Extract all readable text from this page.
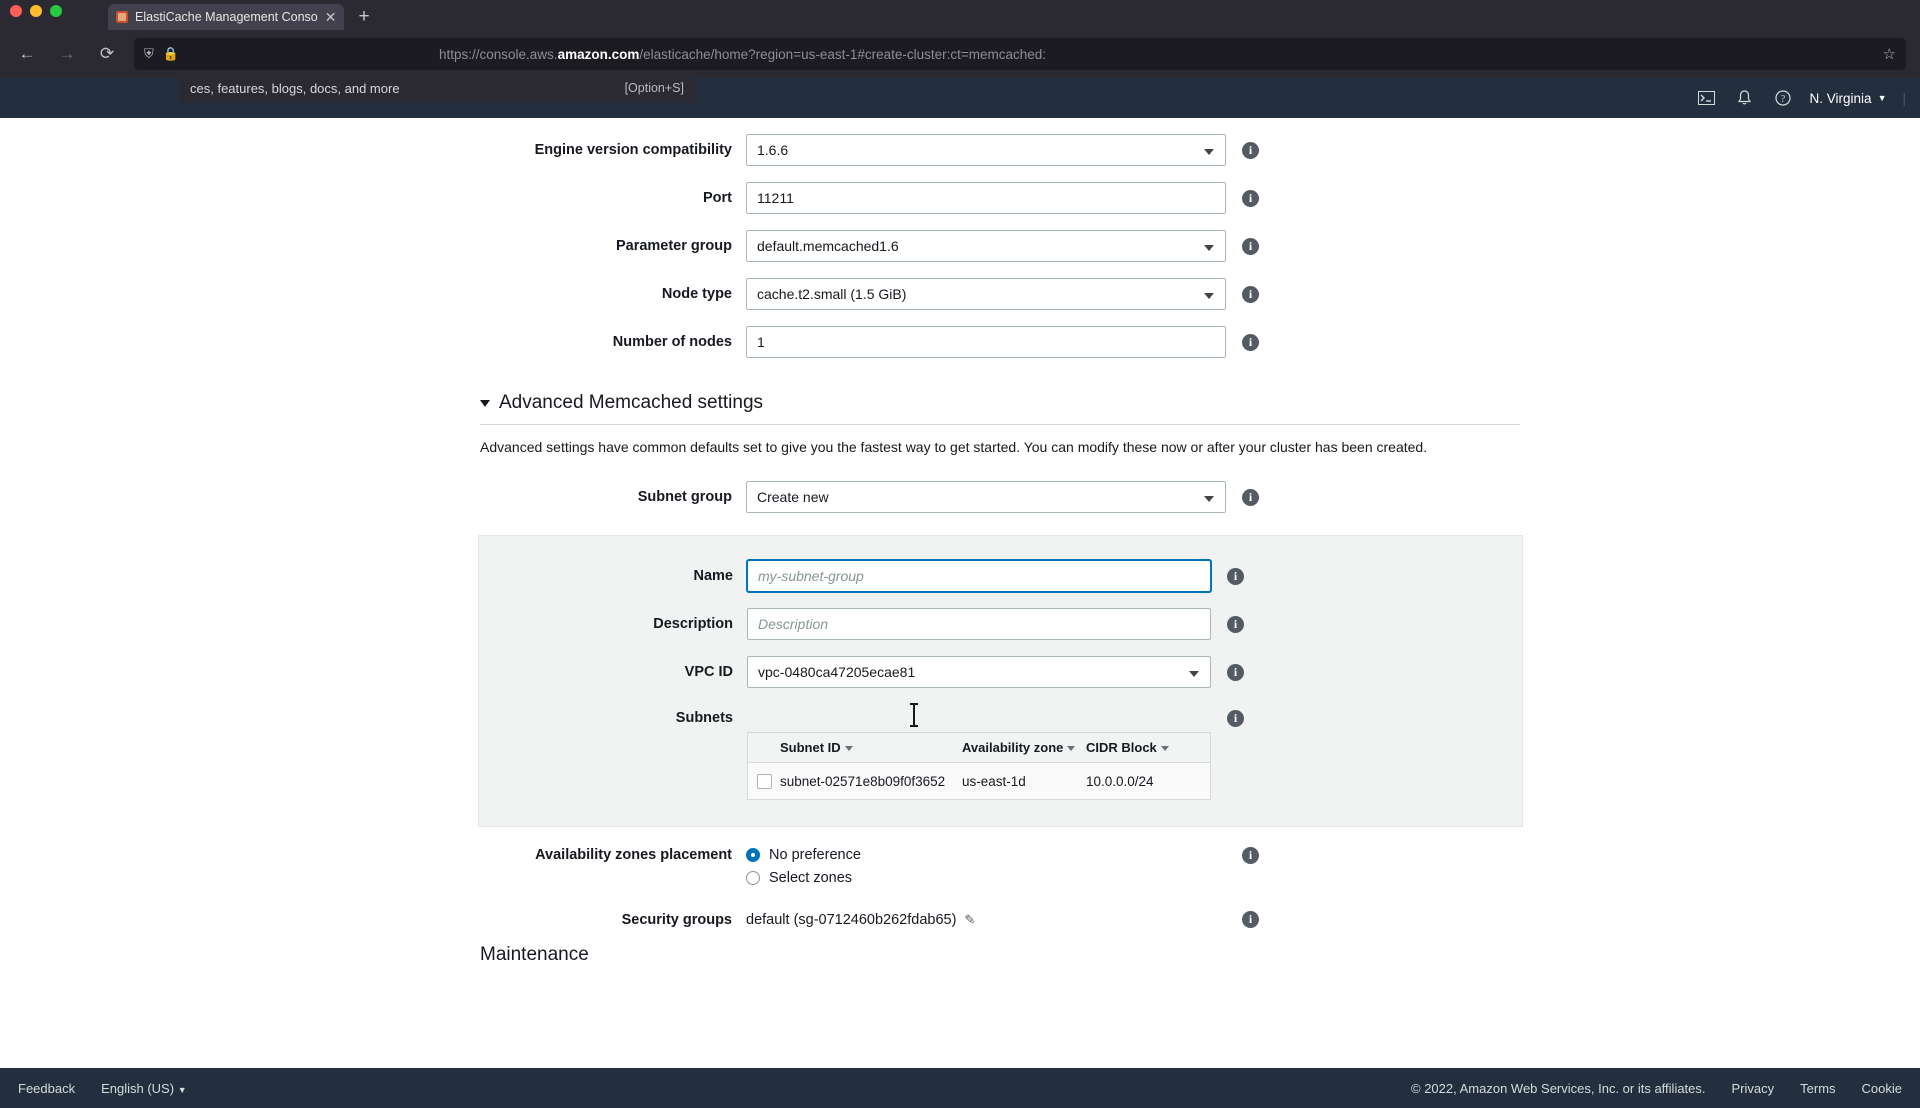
ElastiCache Management Conso ✕ +
← →	⟳	⛨ 🔒	https://console.aws.amazon.com/elasticache/home?region=us-east-1#create-cluster:ct=memcached:	☆
ces, features, blogs, docs, and more	[Option+S]
? N. Virginia ▼ |
Engine version compatibility	1.6.6	i
Port	11211	i
Parameter group	default.memcached1.6	i
Node type	cache.t2.small (1.5 GiB)	i
Number of nodes	1	i
Advanced Memcached settings
Advanced settings have common defaults set to give you the fastest way to get started. You can modify these now or after your cluster has been created.
Subnet group	Create new	i
Name	my-subnet-group	i
Description	Description	i
VPC ID	vpc-0480ca47205ecae81	i
Subnets
Subnet ID	Availability zone	CIDR Block
subnet-02571e8b09f0f3652	us-east-1d	10.0.0.0/24
i
Availability zones placement	No preference
Select zones
i
Security groups default (sg-0712460b262fdab65) ✎	i
Maintenance
Feedback English (US) ▼	© 2022, Amazon Web Services, Inc. or its affiliates. Privacy Terms Cookie
